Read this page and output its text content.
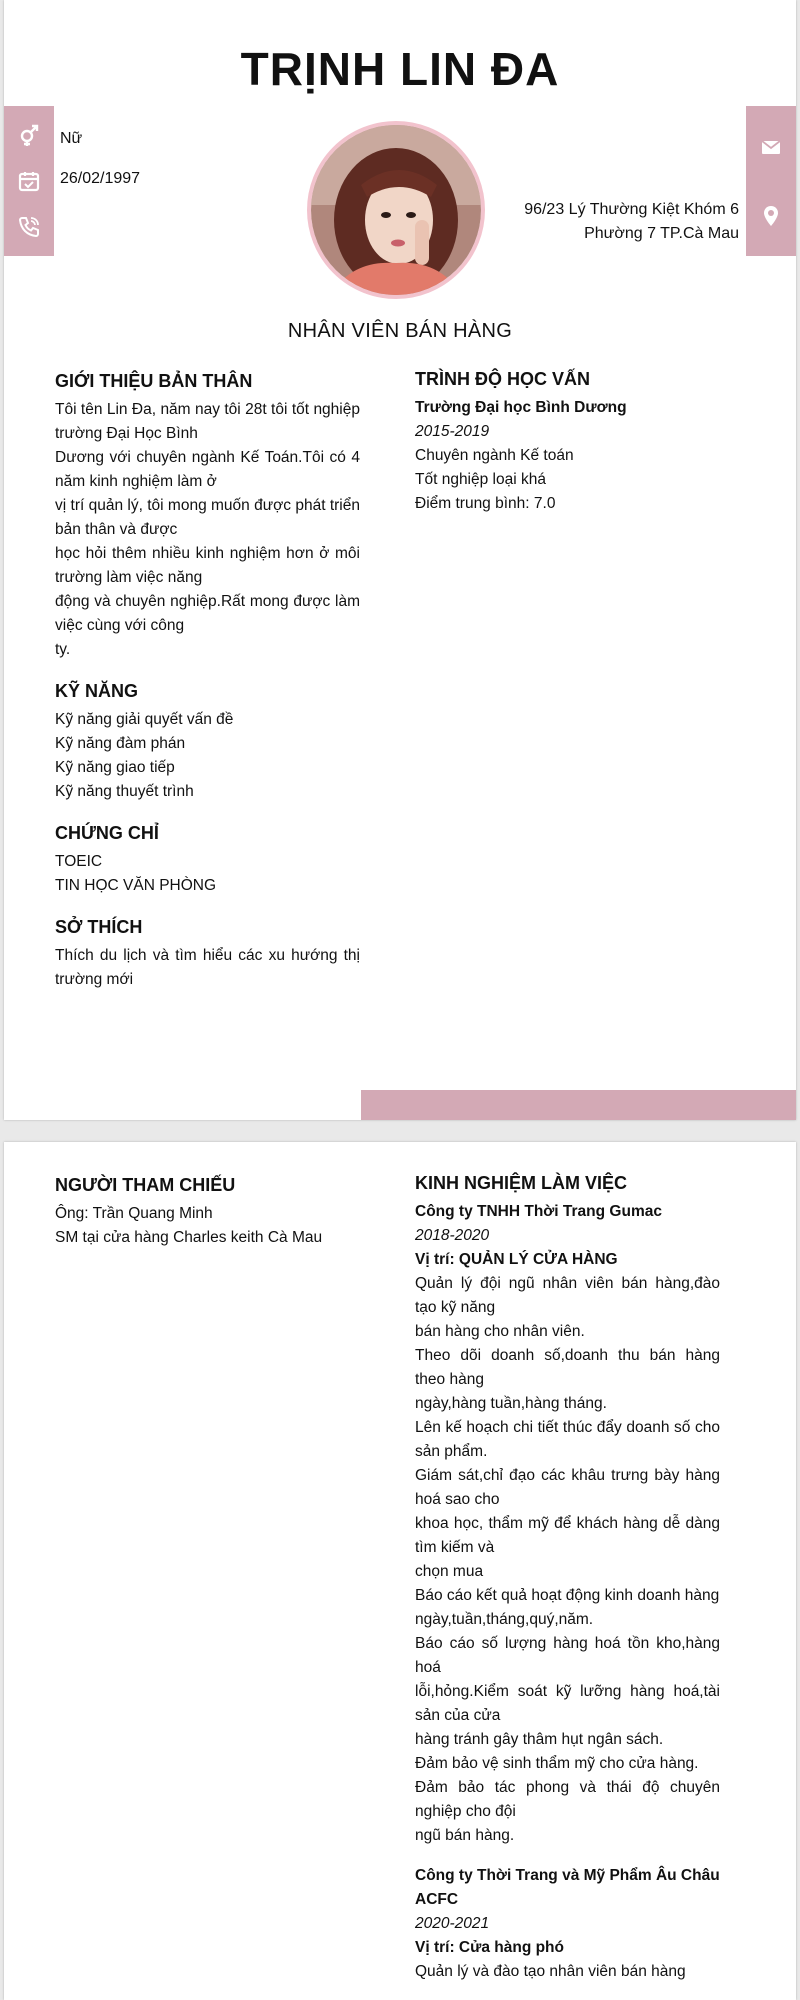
TRỊNH LIN ĐA
Nữ
26/02/1997
96/23 Lý Thường Kiệt Khóm 6
Phường 7 TP.Cà Mau
NHÂN VIÊN BÁN HÀNG
GIỚI THIỆU BẢN THÂN

Tôi tên Lin Đa, năm nay tôi 28t tôi tốt nghiệp trường Đại Học Bình

Dương với chuyên ngành Kế Toán.Tôi có 4 năm kinh nghiệm làm ở

vị trí quản lý, tôi mong muốn được phát triển bản thân và được

học hỏi thêm nhiều kinh nghiệm hơn ở môi trường làm việc năng

động và chuyên nghiệp.Rất mong được làm việc cùng với công

ty.

KỸ NĂNG

Kỹ năng giải quyết vấn đề

Kỹ năng đàm phán

Kỹ năng giao tiếp

Kỹ năng thuyết trình

CHỨNG CHỈ

TOEIC

TIN HỌC VĂN PHÒNG

SỞ THÍCH

Thích du lịch và tìm hiểu các xu hướng thị trường mới

TRÌNH ĐỘ HỌC VẤN

Trường Đại học Bình Dương

2015-2019

Chuyên ngành Kế toán

Tốt nghiệp loại khá

Điểm trung bình: 7.0

NGƯỜI THAM CHIẾU

Ông: Trần Quang Minh

SM tại cửa hàng Charles keith Cà Mau

KINH NGHIỆM LÀM VIỆC

Công ty TNHH Thời Trang Gumac

2018-2020

Vị trí: QUẢN LÝ CỬA HÀNG

Quản lý đội ngũ nhân viên bán hàng,đào tạo kỹ năng

bán hàng cho nhân viên.

Theo dõi doanh số,doanh thu bán hàng theo hàng

ngày,hàng tuần,hàng tháng.

Lên kế hoạch chi tiết thúc đẩy doanh số cho sản phẩm.

Giám sát,chỉ đạo các khâu trưng bày hàng hoá sao cho

khoa học, thẩm mỹ để khách hàng dễ dàng tìm kiếm và

chọn mua

Báo cáo kết quả hoạt động kinh doanh hàng

ngày,tuần,tháng,quý,năm.

Báo cáo số lượng hàng hoá tồn kho,hàng hoá

lỗi,hỏng.Kiểm soát kỹ lưỡng hàng hoá,tài sản của cửa

hàng tránh gây thâm hụt ngân sách.

Đảm bảo vệ sinh thẩm mỹ cho cửa hàng.

Đảm bảo tác phong và thái độ chuyên nghiệp cho đội

ngũ bán hàng.

Công ty Thời Trang và Mỹ Phẩm Âu Châu ACFC

2020-2021

Vị trí: Cửa hàng phó

Quản lý và đào tạo nhân viên bán hàng
